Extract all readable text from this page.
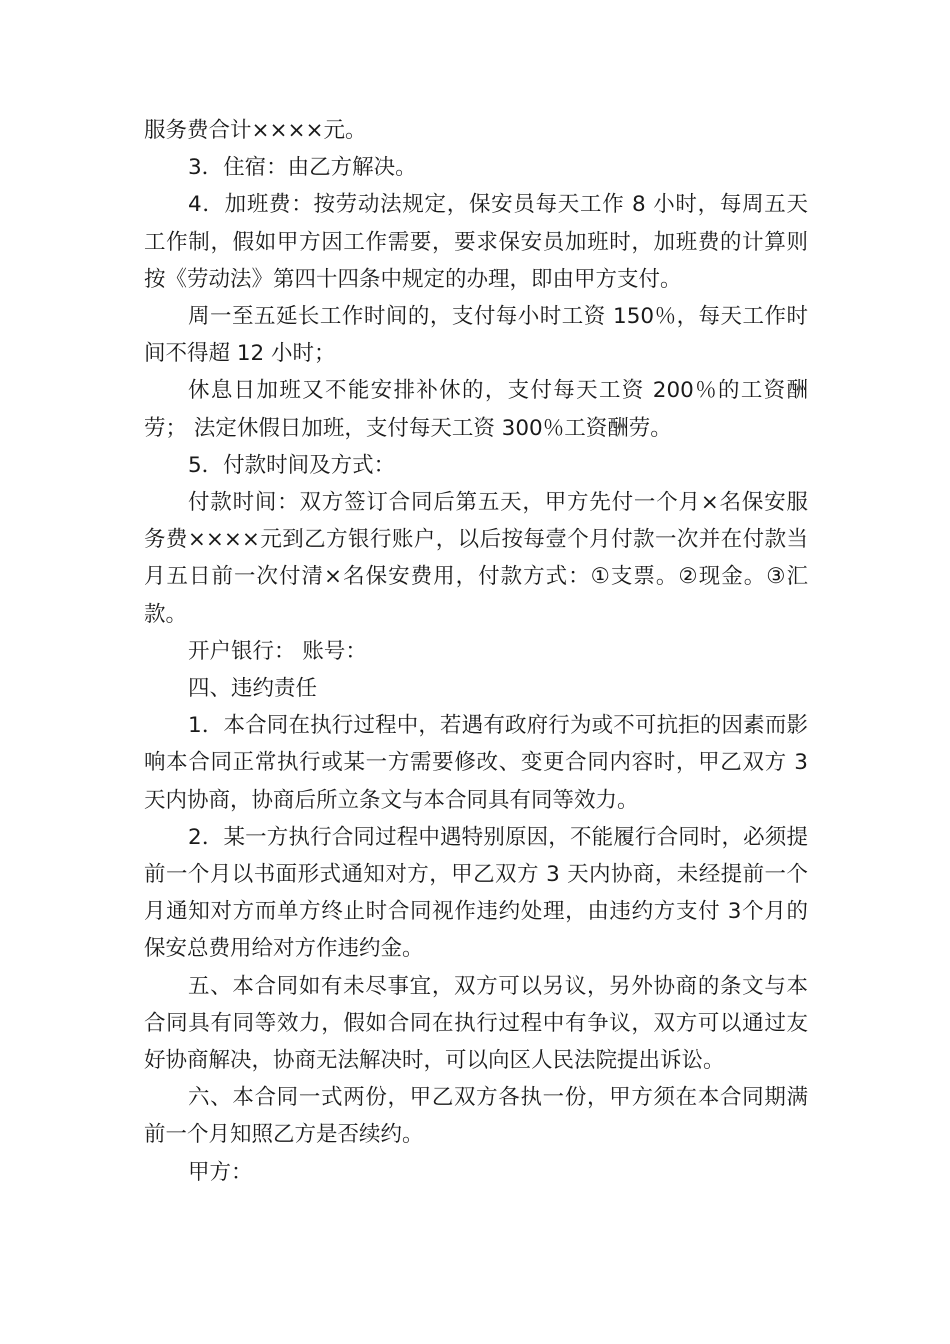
服务费合计××××元。

3．住宿：由乙方解决。

4．加班费：按劳动法规定，保安员每天工作 8 小时，每周五天工作制，假如甲方因工作需要，要求保安员加班时，加班费的计算则按《劳动法》第四十四条中规定的办理，即由甲方支付。

周一至五延长工作时间的，支付每小时工资 150％，每天工作时间不得超 12 小时；

休息日加班又不能安排补休的，支付每天工资 200％的工资酬劳； 法定休假日加班，支付每天工资 300％工资酬劳。

5．付款时间及方式：

付款时间：双方签订合同后第五天，甲方先付一个月×名保安服务费××××元到乙方银行账户，以后按每壹个月付款一次并在付款当月五日前一次付清×名保安费用，付款方式：①支票。②现金。③汇款。

开户银行： 账号：

四、违约责任

1．本合同在执行过程中，若遇有政府行为或不可抗拒的因素而影响本合同正常执行或某一方需要修改、变更合同内容时，甲乙双方 3 天内协商，协商后所立条文与本合同具有同等效力。

2．某一方执行合同过程中遇特别原因，不能履行合同时，必须提前一个月以书面形式通知对方，甲乙双方 3 天内协商，未经提前一个月通知对方而单方终止时合同视作违约处理，由违约方支付 3个月的保安总费用给对方作违约金。

五、本合同如有未尽事宜，双方可以另议，另外协商的条文与本合同具有同等效力，假如合同在执行过程中有争议，双方可以通过友好协商解决，协商无法解决时，可以向区人民法院提出诉讼。

六、本合同一式两份，甲乙双方各执一份，甲方须在本合同期满前一个月知照乙方是否续约。

甲方：
